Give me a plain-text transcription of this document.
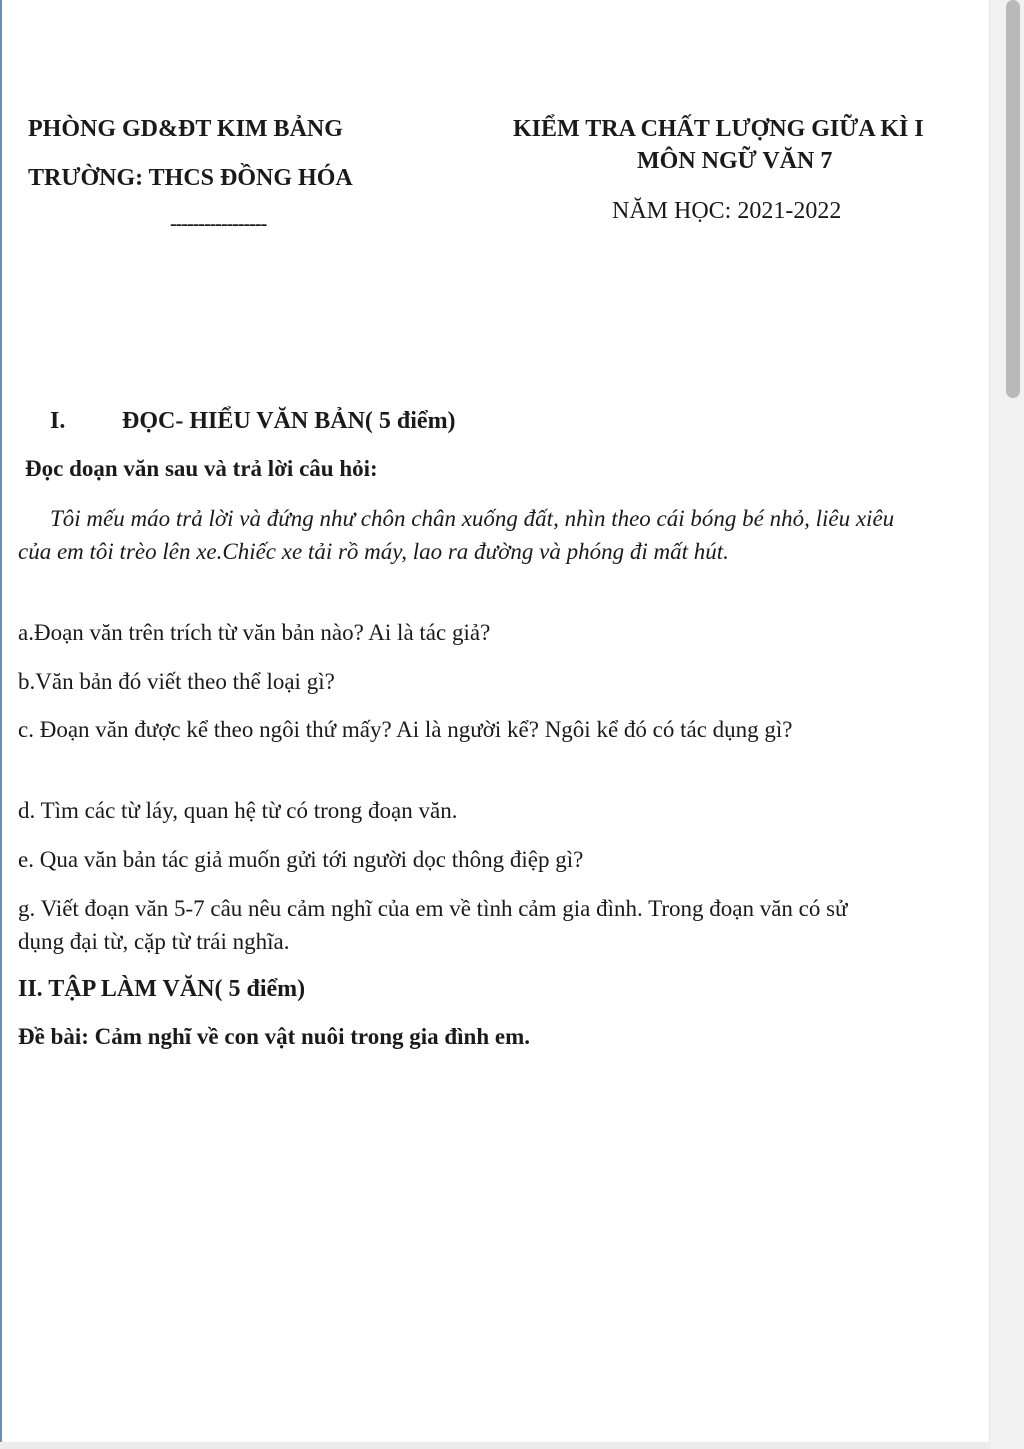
PHÒNG GD&ĐT KIM BẢNG
TRƯỜNG: THCS ĐỒNG HÓA
-----------------
KIỂM TRA CHẤT LƯỢNG GIỮA KÌ I
MÔN NGỮ VĂN 7
NĂM HỌC: 2021-2022
I. ĐỌC- HIỂU VĂN BẢN( 5 điểm)
Đọc doạn văn sau và trả lời câu hỏi:
Tôi mếu máo trả lời và đứng như chôn chân xuống đất, nhìn theo cái bóng bé nhỏ, liêu xiêu của em tôi trèo lên xe.Chiếc xe tải rồ máy, lao ra đường và phóng đi mất hút.
a.Đoạn văn trên trích từ văn bản nào? Ai là tác giả?
b.Văn bản đó viết theo thể loại gì?
c. Đoạn văn được kể theo ngôi thứ mấy? Ai là người kể? Ngôi kể đó có tác dụng gì?
d. Tìm các từ láy, quan hệ từ có trong đoạn văn.
e. Qua văn bản tác giả muốn gửi tới người dọc thông điệp gì?
g. Viết đoạn văn 5-7 câu nêu cảm nghĩ của em về tình cảm gia đình. Trong đoạn văn có sử dụng đại từ, cặp từ trái nghĩa.
II. TẬP LÀM VĂN( 5 điểm)
Đề bài: Cảm nghĩ về con vật nuôi trong gia đình em.
